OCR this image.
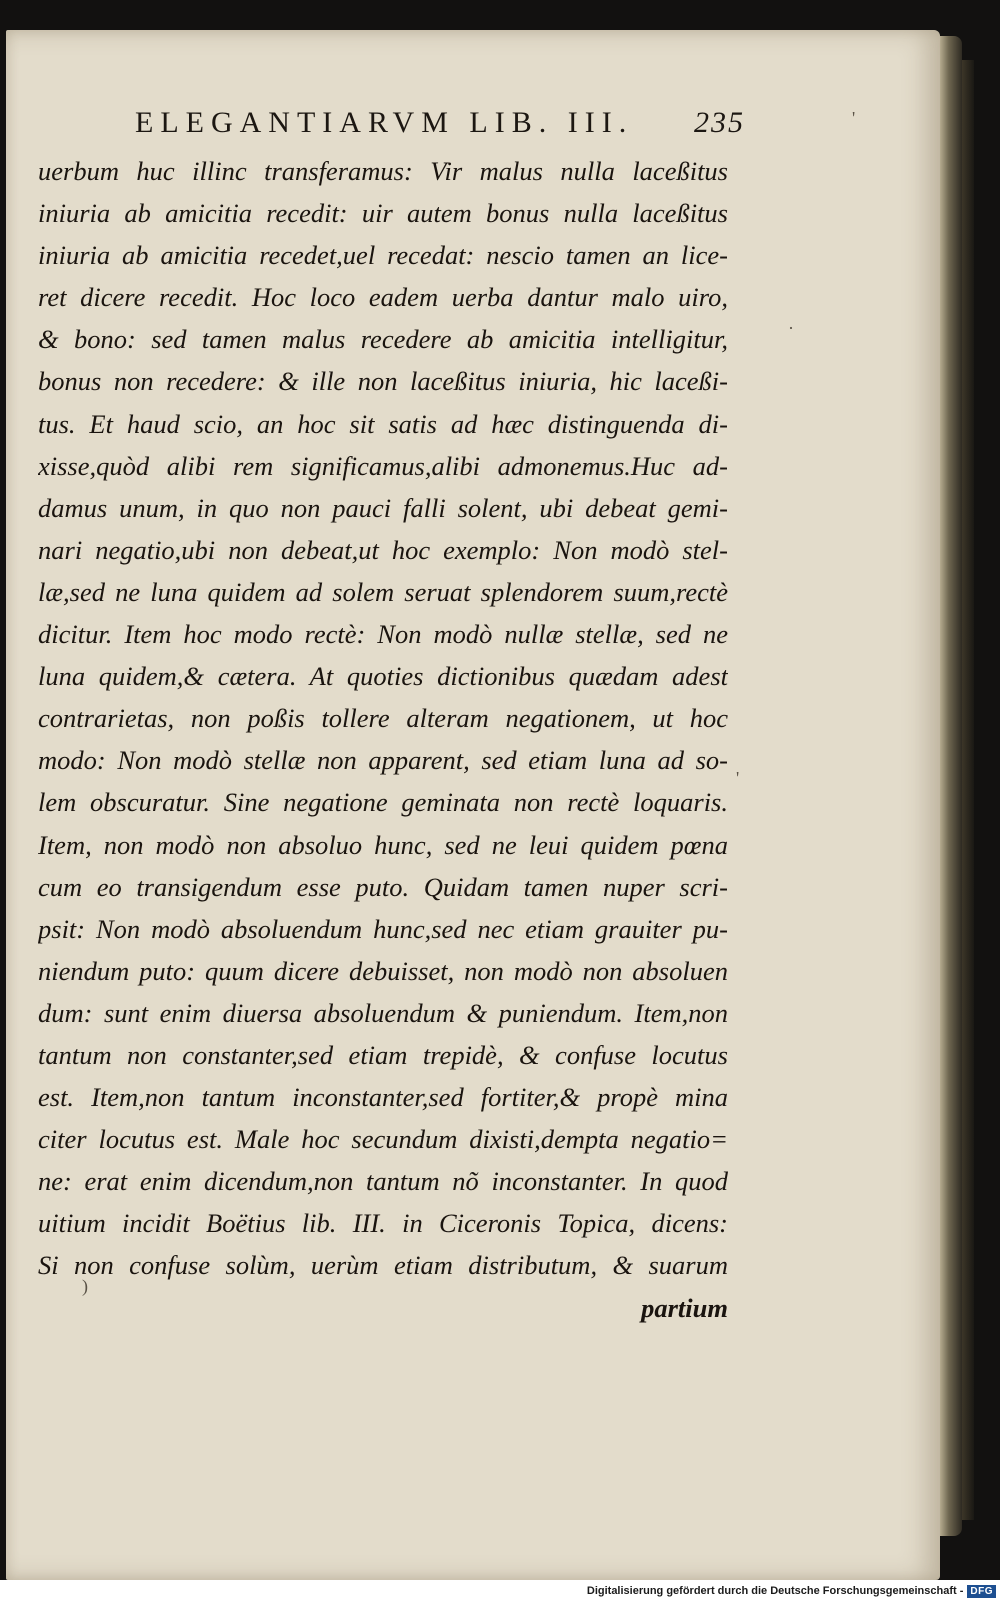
ELEGANTIARVM LIB. III. 235	'
·
'
)
uerbum huc illinc transferamus: Vir malus nulla laceßitus
iniuria ab amicitia recedit: uir autem bonus nulla laceßitus
iniuria ab amicitia recedet,uel recedat: nescio tamen an lice-
ret dicere recedit. Hoc loco eadem uerba dantur malo uiro,
& bono: sed tamen malus recedere ab amicitia intelligitur,
bonus non recedere: & ille non laceßitus iniuria, hic laceßi-
tus. Et haud scio, an hoc sit satis ad hæc distinguenda di-
xisse,quòd alibi rem significamus,alibi admonemus.Huc ad-
damus unum, in quo non pauci falli solent, ubi debeat gemi-
nari negatio,ubi non debeat,ut hoc exemplo: Non modò stel-
læ,sed ne luna quidem ad solem seruat splendorem suum,rectè
dicitur. Item hoc modo rectè: Non modò nullæ stellæ, sed ne
luna quidem,& cætera. At quoties dictionibus quædam adest
contrarietas, non poßis tollere alteram negationem, ut hoc
modo: Non modò stellæ non apparent, sed etiam luna ad so-
lem obscuratur. Sine negatione geminata non rectè loquaris.
Item, non modò non absoluo hunc, sed ne leui quidem pœna
cum eo transigendum esse puto. Quidam tamen nuper scri-
psit: Non modò absoluendum hunc,sed nec etiam grauiter pu-
niendum puto: quum dicere debuisset, non modò non absoluen
dum: sunt enim diuersa absoluendum & puniendum. Item,non
tantum non constanter,sed etiam trepidè, & confuse locutus
est. Item,non tantum inconstanter,sed fortiter,& propè mina
citer locutus est. Male hoc secundum dixisti,dempta negatio=
ne: erat enim dicendum,non tantum nõ inconstanter. In quod
uitium incidit Boëtius lib. III. in Ciceronis Topica, dicens:
Si non confuse solùm, uerùm etiam distributum, & suarum
partium
Digitalisierung gefördert durch die Deutsche Forschungsgemeinschaft - DFG
